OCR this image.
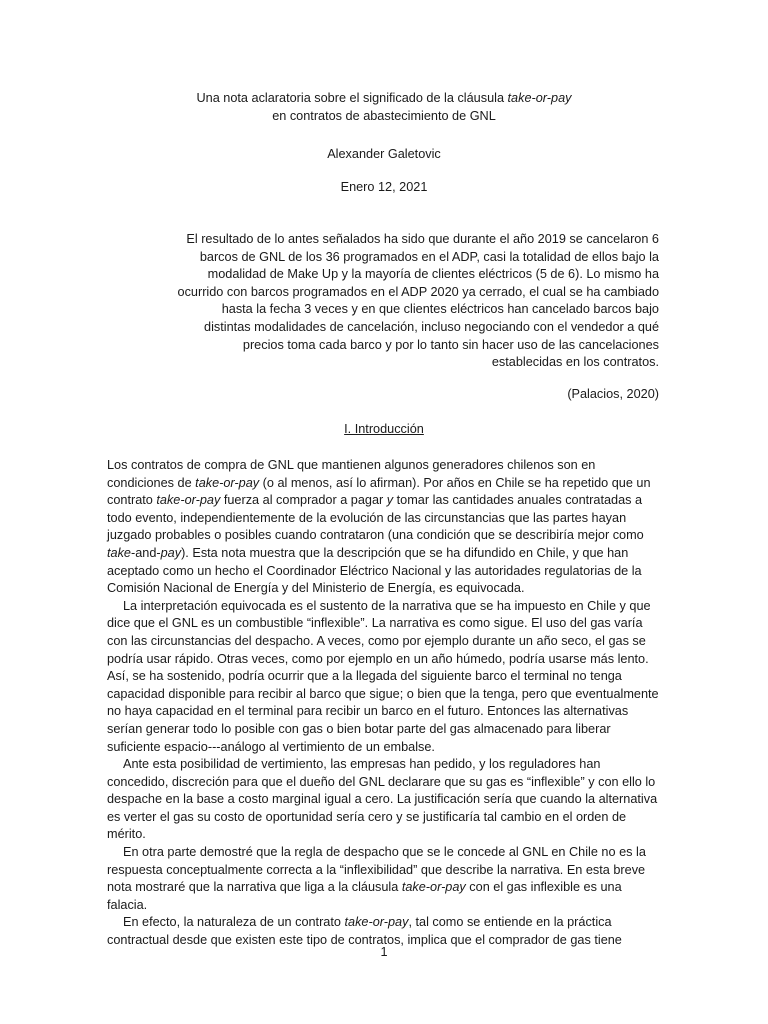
Una nota aclaratoria sobre el significado de la cláusula take-or-pay
en contratos de abastecimiento de GNL
Alexander Galetovic
Enero 12, 2021
El resultado de lo antes señalados ha sido que durante el año 2019 se cancelaron 6 barcos de GNL de los 36 programados en el ADP, casi la totalidad de ellos bajo la modalidad de Make Up y la mayoría de clientes eléctricos (5 de 6). Lo mismo ha ocurrido con barcos programados en el ADP 2020 ya cerrado, el cual se ha cambiado hasta la fecha 3 veces y en que clientes eléctricos han cancelado barcos bajo distintas modalidades de cancelación, incluso negociando con el vendedor a qué precios toma cada barco y por lo tanto sin hacer uso de las cancelaciones establecidas en los contratos.
(Palacios, 2020)
I. Introducción

Los contratos de compra de GNL que mantienen algunos generadores chilenos son en condiciones de take-or-pay (o al menos, así lo afirman). Por años en Chile se ha repetido que un contrato take-or-pay fuerza al comprador a pagar y tomar las cantidades anuales contratadas a todo evento, independientemente de la evolución de las circunstancias que las partes hayan juzgado probables o posibles cuando contrataron (una condición que se describiría mejor como take-and-pay). Esta nota muestra que la descripción que se ha difundido en Chile, y que han aceptado como un hecho el Coordinador Eléctrico Nacional y las autoridades regulatorias de la Comisión Nacional de Energía y del Ministerio de Energía, es equivocada.

La interpretación equivocada es el sustento de la narrativa que se ha impuesto en Chile y que dice que el GNL es un combustible “inflexible”. La narrativa es como sigue. El uso del gas varía con las circunstancias del despacho. A veces, como por ejemplo durante un año seco, el gas se podría usar rápido. Otras veces, como por ejemplo en un año húmedo, podría usarse más lento. Así, se ha sostenido, podría ocurrir que a la llegada del siguiente barco el terminal no tenga capacidad disponible para recibir al barco que sigue; o bien que la tenga, pero que eventualmente no haya capacidad en el terminal para recibir un barco en el futuro. Entonces las alternativas serían generar todo lo posible con gas o bien botar parte del gas almacenado para liberar suficiente espacio---análogo al vertimiento de un embalse.

Ante esta posibilidad de vertimiento, las empresas han pedido, y los reguladores han concedido, discreción para que el dueño del GNL declarare que su gas es “inflexible” y con ello lo despache en la base a costo marginal igual a cero. La justificación sería que cuando la alternativa es verter el gas su costo de oportunidad sería cero y se justificaría tal cambio en el orden de mérito.

En otra parte demostré que la regla de despacho que se le concede al GNL en Chile no es la respuesta conceptualmente correcta a la “inflexibilidad” que describe la narrativa. En esta breve nota mostraré que la narrativa que liga a la cláusula take-or-pay con el gas inflexible es una falacia.

En efecto, la naturaleza de un contrato take-or-pay, tal como se entiende en la práctica contractual desde que existen este tipo de contratos, implica que el comprador de gas tiene

1
